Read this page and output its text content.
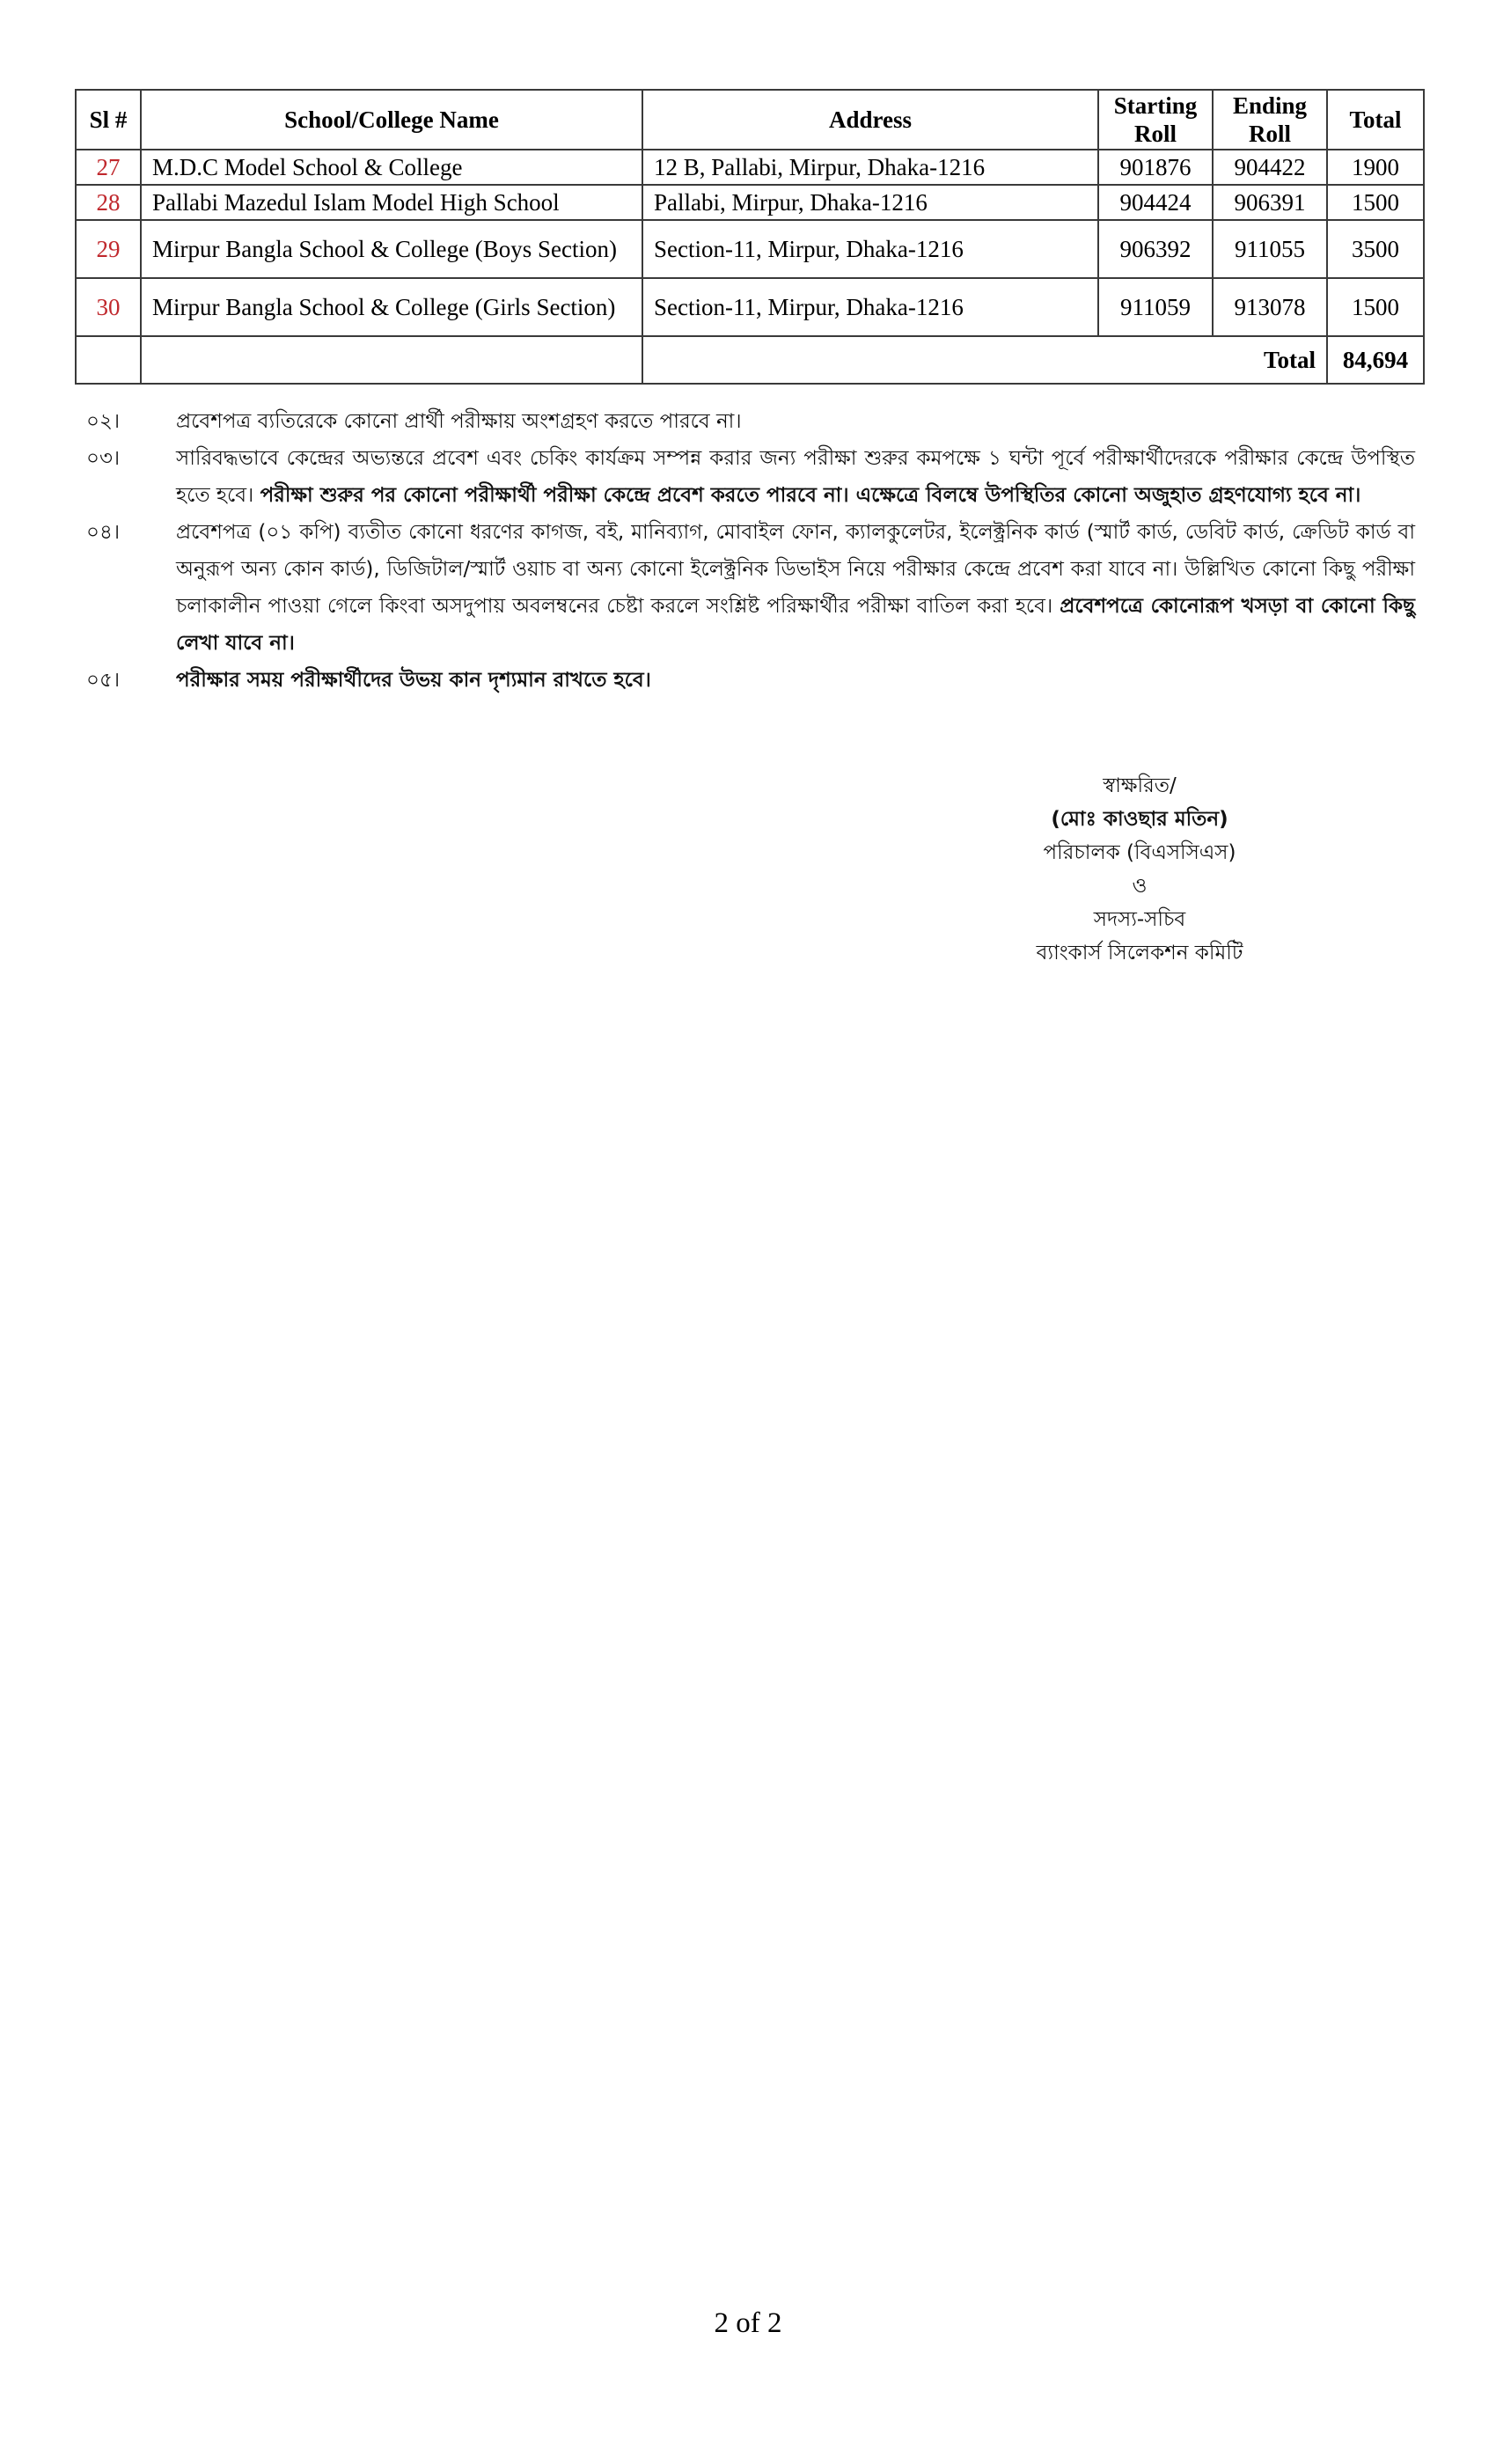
Sl #	School/College Name	Address	Starting Roll	Ending Roll	Total
27	M.D.C Model School & College	12 B, Pallabi, Mirpur, Dhaka-1216	901876	904422	1900
28	Pallabi Mazedul Islam Model High School	Pallabi, Mirpur, Dhaka-1216	904424	906391	1500
29	Mirpur Bangla School & College (Boys Section)	Section-11, Mirpur, Dhaka-1216	906392	911055	3500
30	Mirpur Bangla School & College (Girls Section)	Section-11, Mirpur, Dhaka-1216	911059	913078	1500
		Total			84,694
০২।	প্রবেশপত্র ব্যতিরেকে কোনো প্রার্থী পরীক্ষায় অংশগ্রহণ করতে পারবে না।
০৩।	সারিবদ্ধভাবে কেন্দ্রের অভ্যন্তরে প্রবেশ এবং চেকিং কার্যক্রম সম্পন্ন করার জন্য পরীক্ষা শুরুর কমপক্ষে ১ ঘন্টা পূর্বে পরীক্ষার্থীদেরকে পরীক্ষার কেন্দ্রে উপস্থিত হতে হবে। পরীক্ষা শুরুর পর কোনো পরীক্ষার্থী পরীক্ষা কেন্দ্রে প্রবেশ করতে পারবে না। এক্ষেত্রে বিলম্বে উপস্থিতির কোনো অজুহাত গ্রহণযোগ্য হবে না।
০৪।	প্রবেশপত্র (০১ কপি) ব্যতীত কোনো ধরণের কাগজ, বই, মানিব্যাগ, মোবাইল ফোন, ক্যালকুলেটর, ইলেক্ট্রনিক কার্ড (স্মার্ট কার্ড, ডেবিট কার্ড, ক্রেডিট কার্ড বা অনুরূপ অন্য কোন কার্ড), ডিজিটাল/স্মার্ট ওয়াচ বা অন্য কোনো ইলেক্ট্রনিক ডিভাইস নিয়ে পরীক্ষার কেন্দ্রে প্রবেশ করা যাবে না। উল্লিখিত কোনো কিছু পরীক্ষা চলাকালীন পাওয়া গেলে কিংবা অসদুপায় অবলম্বনের চেষ্টা করলে সংশ্লিষ্ট পরিক্ষার্থীর পরীক্ষা বাতিল করা হবে। প্রবেশপত্রে কোনোরূপ খসড়া বা কোনো কিছু লেখা যাবে না।
০৫।	পরীক্ষার সময় পরীক্ষার্থীদের উভয় কান দৃশ্যমান রাখতে হবে।
স্বাক্ষরিত/
(মোঃ কাওছার মতিন)
পরিচালক (বিএসসিএস)
ও
সদস্য-সচিব
ব্যাংকার্স সিলেকশন কমিটি
2 of 2
